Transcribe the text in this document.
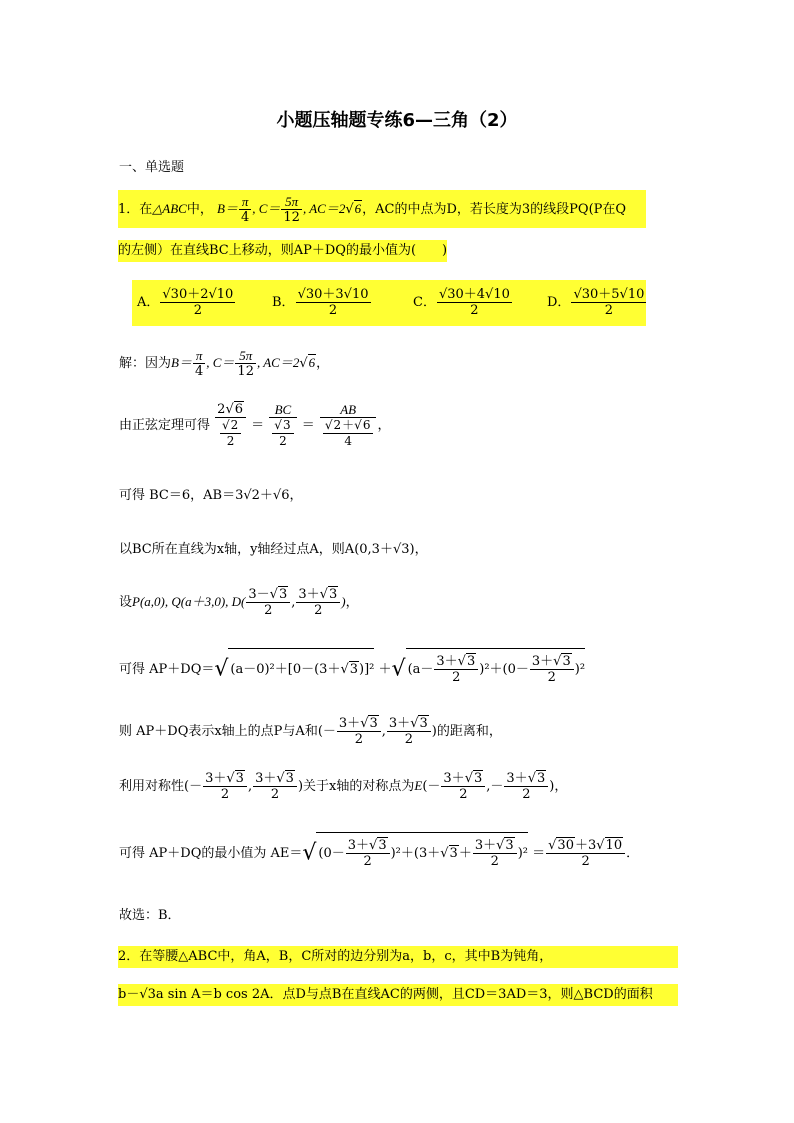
小题压轴题专练6—三角（2）
一、单选题
1．在△ABC中， $B= \frac{\pi}{4}$ , $C= \frac{5\pi}{12}$ , AC＝2√6，AC的中点为D，若长度为3的线段PQ(P在Q
的左侧）在直线BC上移动，则AP＋DQ的最小值为(　　)
A． $\frac{√30+2√10}{2}$	B． $\frac{√30+3√10}{2}$	C． $\frac{√30+4√10}{2}$	D． $\frac{√30+5√10}{2}$
解：因为$B= \frac{\pi}{4}$ , $C= \frac{5\pi}{12}$ , AC＝2√6，
由正弦定理可得 $\frac{2√6}{\frac{√2}{2}} = \frac{BC}{\frac{√3}{2}} = \frac{AB}{\frac{√2+√6}{4}}$ ，
可得 BC＝6，AB＝3√2＋√6，
以BC所在直线为x轴，y轴经过点A，则A(0,3＋√3)，
设P(a,0), Q(a＋3,0), $D( \frac{3-√3}{2}$ , $\frac{3+√3}{2}$ )，
可得 AP＋DQ＝√ (a－0)²＋[0－(3＋√3)]² ＋√ $(a- \frac{3+√3}{2} )^2+(0- \frac{3+√3}{2} )^2$
则 AP＋DQ表示x轴上的点P与A和(－ $\frac{3+√3}{2}$ , $\frac{3+√3}{2}$ )的距离和，
利用对称性(－ $\frac{3+√3}{2}$ , $\frac{3+√3}{2}$ )关于x轴的对称点为$E(- \frac{3+√3}{2}$ ,－ $\frac{3+√3}{2}$ )，
可得 AP＋DQ的最小值为 AE＝√ $(0- \frac{3+√3}{2} )^2+(3+√3+ \frac{3+√3}{2} )^2 = \frac{√30+3√10}{2}$ ．
故选：B．
2．在等腰△ABC中，角A，B，C所对的边分别为a，b，c，其中B为钝角，
b－√3a sin A＝b cos 2A．点D与点B在直线AC的两侧，且CD＝3AD＝3，则△BCD的面积
